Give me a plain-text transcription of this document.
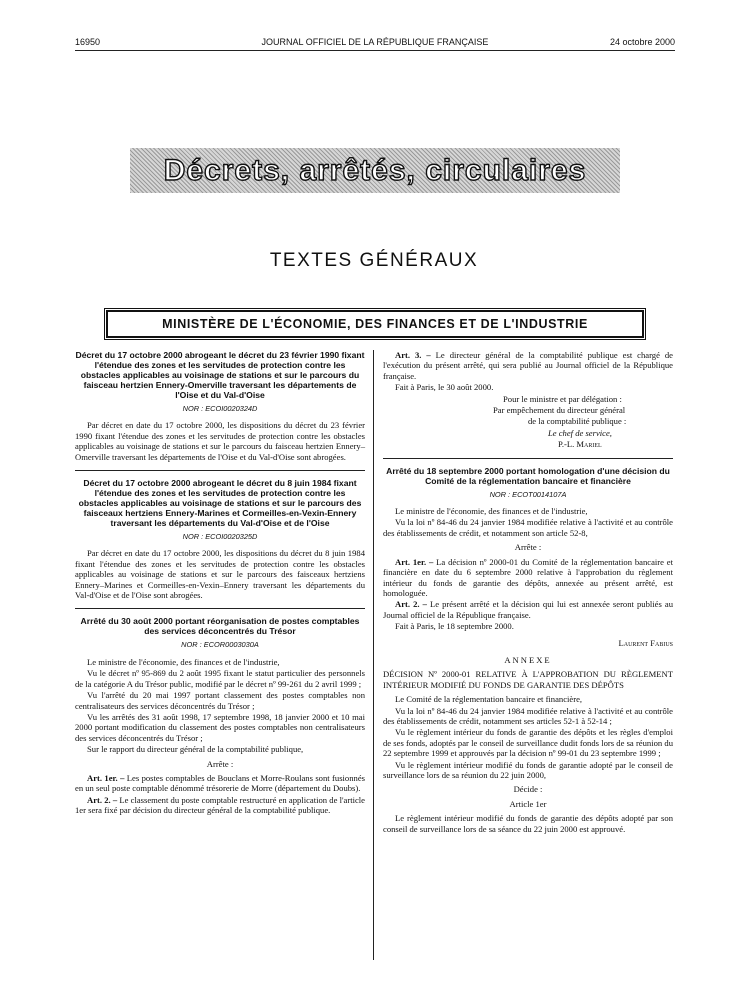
16950	JOURNAL OFFICIEL DE LA RÉPUBLIQUE FRANÇAISE	24 octobre 2000
Décrets, arrêtés, circulaires
TEXTES GÉNÉRAUX
MINISTÈRE DE L'ÉCONOMIE, DES FINANCES ET DE L'INDUSTRIE
Décret du 17 octobre 2000 abrogeant le décret du 23 février 1990 fixant l'étendue des zones et les servitudes de protection contre les obstacles applicables au voisinage de stations et sur le parcours du faisceau hertzien Ennery-Omerville traversant les départements de l'Oise et du Val-d'Oise
NOR : ECOI0020324D

Par décret en date du 17 octobre 2000, les dispositions du décret du 23 février 1990 fixant l'étendue des zones et les servitudes de protection contre les obstacles applicables au voisinage de stations et sur le parcours du faisceau hertzien Ennery–Omerville traversant les départements de l'Oise et du Val-d'Oise sont abrogées.

Décret du 17 octobre 2000 abrogeant le décret du 8 juin 1984 fixant l'étendue des zones et les servitudes de protection contre les obstacles applicables au voisinage de stations et sur le parcours des faisceaux hertziens Ennery-Marines et Cormeilles-en-Vexin-Ennery traversant les départements du Val-d'Oise et de l'Oise
NOR : ECOI0020325D

Par décret en date du 17 octobre 2000, les dispositions du décret du 8 juin 1984 fixant l'étendue des zones et les servitudes de protection contre les obstacles applicables au voisinage de stations et sur le parcours des faisceaux hertziens Ennery–Marines et Cormeilles-en-Vexin–Ennery traversant les départements du Val-d'Oise et de l'Oise sont abrogées.

Arrêté du 30 août 2000 portant réorganisation de postes comptables des services déconcentrés du Trésor
NOR : ECOR0003030A

Le ministre de l'économie, des finances et de l'industrie,

Vu le décret nº 95-869 du 2 août 1995 fixant le statut particulier des personnels de la catégorie A du Trésor public, modifié par le décret nº 99-261 du 2 avril 1999 ;

Vu l'arrêté du 20 mai 1997 portant classement des postes comptables non centralisateurs des services déconcentrés du Trésor ;

Vu les arrêtés des 31 août 1998, 17 septembre 1998, 18 janvier 2000 et 10 mai 2000 portant modification du classement des postes comptables non centralisateurs des services déconcentrés du Trésor ;

Sur le rapport du directeur général de la comptabilité publique,

Arrête :

Art. 1er. – Les postes comptables de Bouclans et Morre-Roulans sont fusionnés en un seul poste comptable dénommé trésorerie de Morre (département du Doubs).

Art. 2. – Le classement du poste comptable restructuré en application de l'article 1er sera fixé par décision du directeur général de la comptabilité publique.

Art. 3. – Le directeur général de la comptabilité publique est chargé de l'exécution du présent arrêté, qui sera publié au Journal officiel de la République française.

Fait à Paris, le 30 août 2000.

Pour le ministre et par délégation :

Par empêchement du directeur général

de la comptabilité publique :

Le chef de service,

P.-L. Mariel

Arrêté du 18 septembre 2000 portant homologation d'une décision du Comité de la réglementation bancaire et financière
NOR : ECOT0014107A

Le ministre de l'économie, des finances et de l'industrie,

Vu la loi nº 84-46 du 24 janvier 1984 modifiée relative à l'activité et au contrôle des établissements de crédit, et notamment son article 52-8,

Arrête :

Art. 1er. – La décision nº 2000-01 du Comité de la réglementation bancaire et financière en date du 6 septembre 2000 relative à l'approbation du règlement intérieur du fonds de garantie des dépôts, annexée au présent arrêté, est homologuée.

Art. 2. – Le présent arrêté et la décision qui lui est annexée seront publiés au Journal officiel de la République française.

Fait à Paris, le 18 septembre 2000.

Laurent Fabius

ANNEXE

DÉCISION Nº 2000-01 RELATIVE À L'APPROBATION DU RÈGLEMENT INTÉRIEUR MODIFIÉ DU FONDS DE GARANTIE DES DÉPÔTS

Le Comité de la réglementation bancaire et financière,

Vu la loi nº 84-46 du 24 janvier 1984 modifiée relative à l'activité et au contrôle des établissements de crédit, notamment ses articles 52-1 à 52-14 ;

Vu le règlement intérieur du fonds de garantie des dépôts et les règles d'emploi de ses fonds, adoptés par le conseil de surveillance dudit fonds lors de sa réunion du 22 septembre 1999 et approuvés par la décision nº 99-01 du 23 septembre 1999 ;

Vu le règlement intérieur modifié du fonds de garantie adopté par le conseil de surveillance lors de sa réunion du 22 juin 2000,

Décide :

Article 1er

Le règlement intérieur modifié du fonds de garantie des dépôts adopté par son conseil de surveillance lors de sa séance du 22 juin 2000 est approuvé.
